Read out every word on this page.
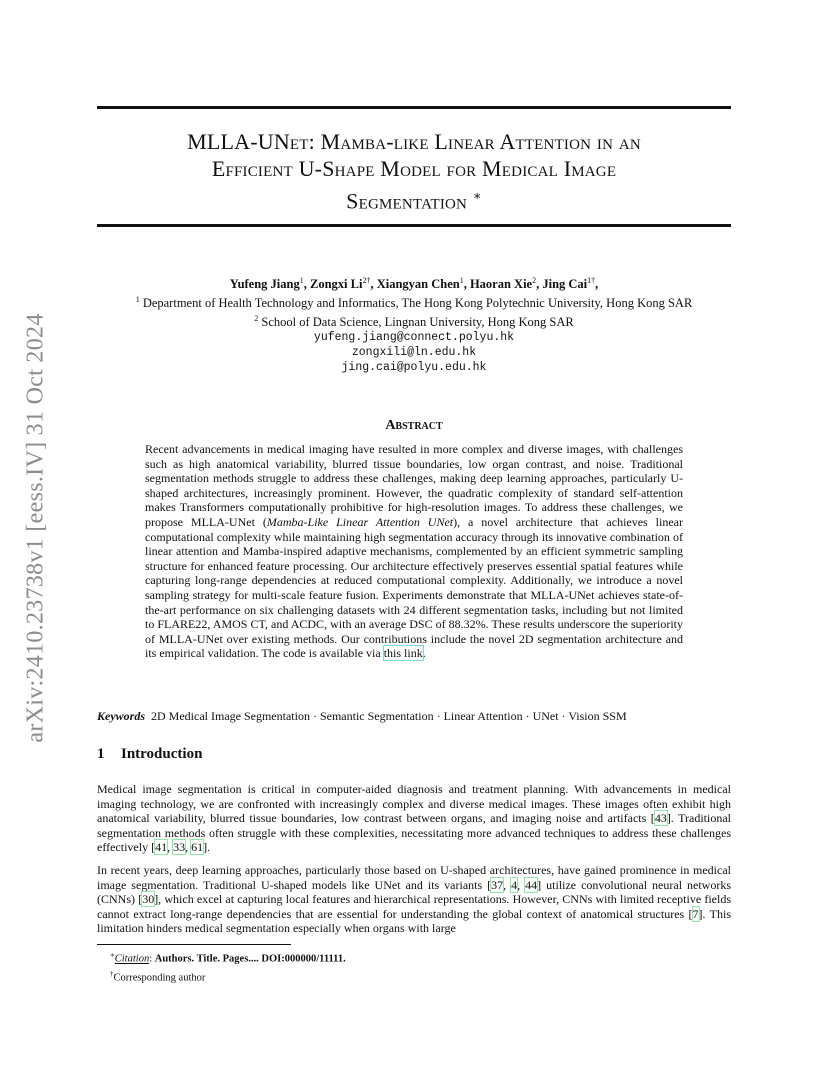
arXiv:2410.23738v1 [eess.IV] 31 Oct 2024
MLLA-UNet: Mamba-like Linear Attention in an
Efficient U-Shape Model for Medical Image
Segmentation ∗
Yufeng Jiang$^1$, Zongxi $Li^{2\dagger}$, Xiangyan Chen$^1$, Haoran Xie$^2$, Jing Cai$^{1\dagger}$,
$^1$ Department of Health Technology and Informatics, The Hong Kong Polytechnic University, Hong Kong SAR
$^2$ School of Data Science, Lingnan University, Hong Kong SAR
yufeng.jiang@connect.polyu.hk
zongxili@ln.edu.hk
jing.cai@polyu.edu.hk
Abstract
Recent advancements in medical imaging have resulted in more complex and diverse images, with challenges such as high anatomical variability, blurred tissue boundaries, low organ contrast, and noise. Traditional segmentation methods struggle to address these challenges, making deep learning approaches, particularly U-shaped architectures, increasingly prominent. However, the quadratic complexity of standard self-attention makes Transformers computationally prohibitive for high-resolution images. To address these challenges, we propose MLLA-UNet (Mamba-Like Linear Attention UNet), a novel architecture that achieves linear computational complexity while maintaining high segmentation accuracy through its innovative combination of linear attention and Mamba-inspired adaptive mechanisms, complemented by an efficient symmetric sampling structure for enhanced feature processing. Our architecture effectively preserves essential spatial features while capturing long-range dependencies at reduced computational complexity. Additionally, we introduce a novel sampling strategy for multi-scale feature fusion. Experiments demonstrate that MLLA-UNet achieves state-of-the-art performance on six challenging datasets with 24 different segmentation tasks, including but not limited to FLARE22, AMOS CT, and ACDC, with an average DSC of 88.32%. These results underscore the superiority of MLLA-UNet over existing methods. Our contributions include the novel 2D segmentation architecture and its empirical validation. The code is available via this link.
Keywords 2D Medical Image Segmentation · Semantic Segmentation · Linear Attention · UNet · Vision SSM
1 Introduction

Medical image segmentation is critical in computer-aided diagnosis and treatment planning. With advancements in medical imaging technology, we are confronted with increasingly complex and diverse medical images. These images often exhibit high anatomical variability, blurred tissue boundaries, low contrast between organs, and imaging noise and artifacts [43]. Traditional segmentation methods often struggle with these complexities, necessitating more advanced techniques to address these challenges effectively [41, 33, 61].

In recent years, deep learning approaches, particularly those based on U-shaped architectures, have gained prominence in medical image segmentation. Traditional U-shaped models like UNet and its variants [37, 4, 44] utilize convolutional neural networks (CNNs) [30], which excel at capturing local features and hierarchical representations. However, CNNs with limited receptive fields cannot extract long-range dependencies that are essential for understanding the global context of anatomical structures [7]. This limitation hinders medical segmentation especially when organs with large

∗Citation: Authors. Title. Pages.... DOI:000000/11111.
†Corresponding author
